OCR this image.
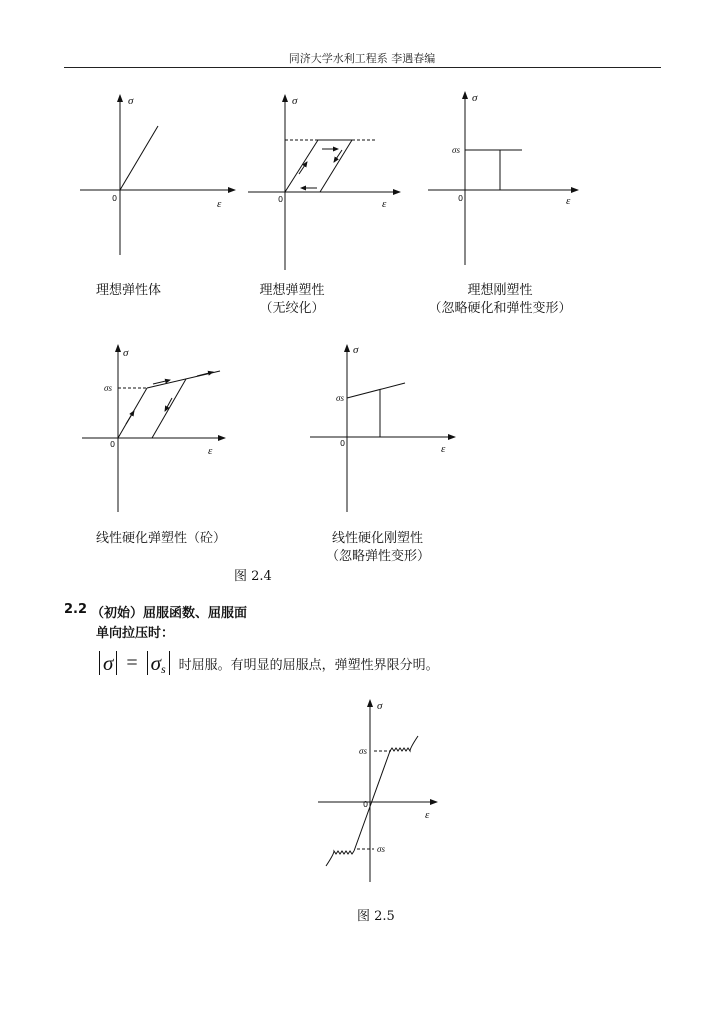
同济大学水利工程系 李遇春编
σ
ε
0
σ
ε
0
σ
ε
0
σs
σ
ε
0
σs
σ
ε
0
σs
σ
ε
0
σs
σs
理想弹性体	理想弹塑性
（无绞化）
理想刚塑性
（忽略硬化和弹性变形）
线性硬化弹塑性（砼）	线性硬化刚塑性
（忽略弹性变形）
图 2.4
2.2 （初始）屈服函数、屈服面
单向拉压时：
σ = σ s 时屈服。有明显的屈服点，弹塑性界限分明。
图 2.5
